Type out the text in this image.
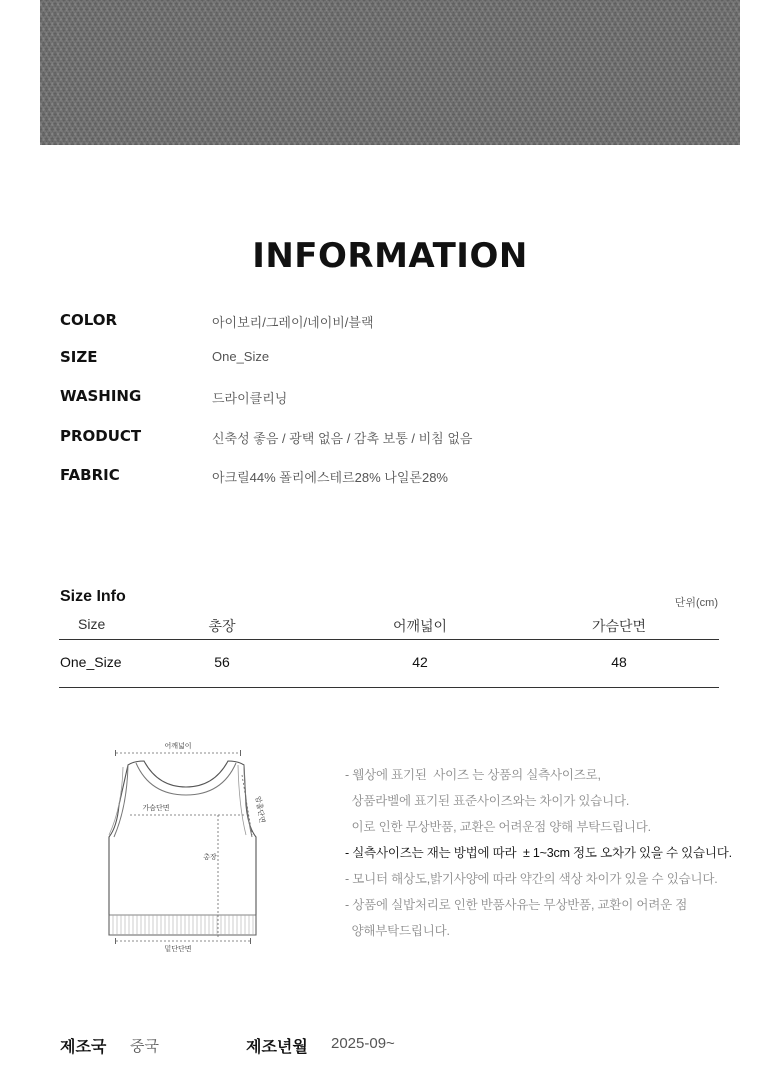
INFORMATION
COLOR	아이보리/그레이/네이비/블랙
SIZE	One_Size
WASHING	드라이클리닝
PRODUCT	신축성 좋음 / 광택 없음 / 감촉 보통 / 비침 없음
FABRIC	아크릴44% 폴리에스테르28% 나일론28%
Size Info	단위(cm)
Size	총장	어깨넓이	가슴단면
One_Size	56	42	48
어깨넓이
가슴단면
총장
밑단단면
암홀단면
- 웹상에 표기된  사이즈 는 상품의 실측사이즈로,
상품라벨에 표기된 표준사이즈와는 차이가 있습니다.
이로 인한 무상반품, 교환은 어려운점 양해 부탁드립니다.
- 실측사이즈는 재는 방법에 따라  ± 1~3cm 정도 오차가 있을 수 있습니다.
- 모니터 해상도,밝기사양에 따라 약간의 색상 차이가 있을 수 있습니다.
- 상품에 실밥처리로 인한 반품사유는 무상반품, 교환이 어려운 점
양해부탁드립니다.
제조국 중국	제조년월 2025-09~
